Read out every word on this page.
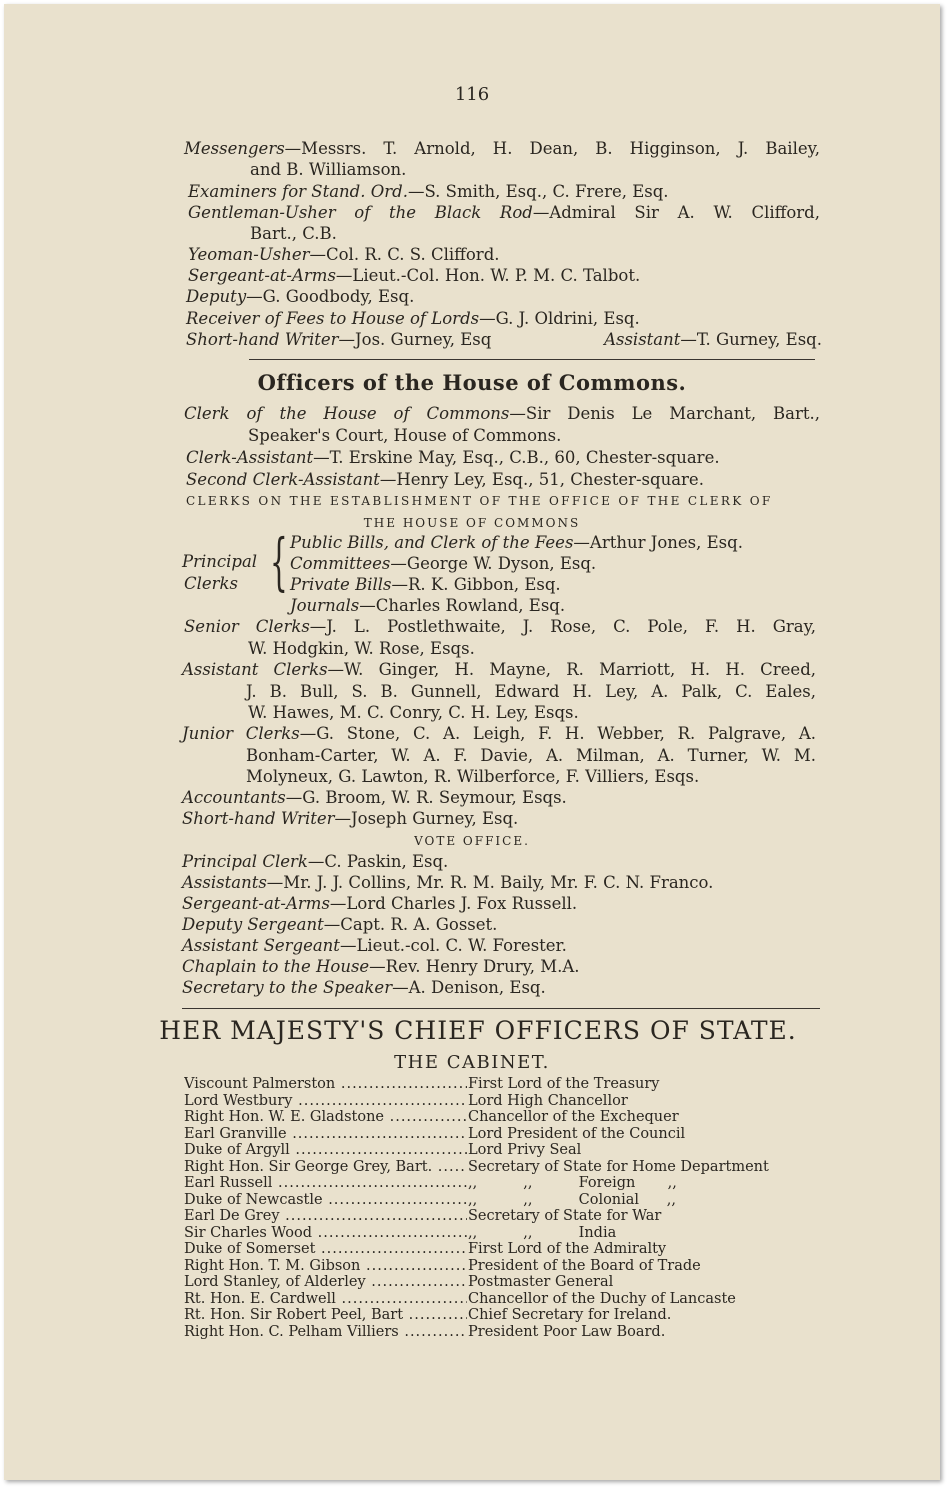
116
Messengers—Messrs. T. Arnold, H. Dean, B. Higginson, J. Bailey,
and B. Williamson.
Examiners for Stand. Ord.—S. Smith, Esq., C. Frere, Esq.
Gentleman-Usher of the Black Rod—Admiral Sir A. W. Clifford,
Bart., C.B.
Yeoman-Usher—Col. R. C. S. Clifford.
Sergeant-at-Arms—Lieut.-Col. Hon. W. P. M. C. Talbot.
Deputy—G. Goodbody, Esq.
Receiver of Fees to House of Lords—G. J. Oldrini, Esq.
Short-hand Writer—Jos. Gurney, Esq	Assistant—T. Gurney, Esq.
Officers of the House of Commons.
Clerk of the House of Commons—Sir Denis Le Marchant, Bart.,
Speaker's Court, House of Commons.
Clerk-Assistant—T. Erskine May, Esq., C.B., 60, Chester-square.
Second Clerk-Assistant—Henry Ley, Esq., 51, Chester-square.
CLERKS ON THE ESTABLISHMENT OF THE OFFICE OF THE CLERK OF
THE HOUSE OF COMMONS
Principal
Clerks { Public Bills, and Clerk of the Fees—Arthur Jones, Esq.
Committees—George W. Dyson, Esq.
Private Bills—R. K. Gibbon, Esq.
Journals—Charles Rowland, Esq.
Senior Clerks—J. L. Postlethwaite, J. Rose, C. Pole, F. H. Gray,
W. Hodgkin, W. Rose, Esqs.
Assistant Clerks—W. Ginger, H. Mayne, R. Marriott, H. H. Creed,
J. B. Bull, S. B. Gunnell, Edward H. Ley, A. Palk, C. Eales,
W. Hawes, M. C. Conry, C. H. Ley, Esqs.
Junior Clerks—G. Stone, C. A. Leigh, F. H. Webber, R. Palgrave, A.
Bonham-Carter, W. A. F. Davie, A. Milman, A. Turner, W. M.
Molyneux, G. Lawton, R. Wilberforce, F. Villiers, Esqs.
Accountants—G. Broom, W. R. Seymour, Esqs.
Short-hand Writer—Joseph Gurney, Esq.
VOTE OFFICE.
Principal Clerk—C. Paskin, Esq.
Assistants—Mr. J. J. Collins, Mr. R. M. Baily, Mr. F. C. N. Franco.
Sergeant-at-Arms—Lord Charles J. Fox Russell.
Deputy Sergeant—Capt. R. A. Gosset.
Assistant Sergeant—Lieut.-col. C. W. Forester.
Chaplain to the House—Rev. Henry Drury, M.A.
Secretary to the Speaker—A. Denison, Esq.
HER MAJESTY'S CHIEF OFFICERS OF STATE.
THE CABINET.
Viscount Palmerston .....	First Lord of the Treasury
Lord Westbury .....	Lord High Chancellor
Right Hon. W. E. Gladstone .....	Chancellor of the Exchequer
Earl Granville .....	Lord President of the Council
Duke of Argyll .....	Lord Privy Seal
Right Hon. Sir George Grey, Bart. .....	Secretary of State for Home Department
Earl Russell .....	,,          ,,          Foreign       ,,
Duke of Newcastle .....	,,          ,,          Colonial      ,,
Earl De Grey .....	Secretary of State for War
Sir Charles Wood .....	,,          ,,          India
Duke of Somerset .....	First Lord of the Admiralty
Right Hon. T. M. Gibson .....	President of the Board of Trade
Lord Stanley, of Alderley .....	Postmaster General
Rt. Hon. E. Cardwell .....	Chancellor of the Duchy of Lancaste
Rt. Hon. Sir Robert Peel, Bart .....	Chief Secretary for Ireland.
Right Hon. C. Pelham Villiers .....	President Poor Law Board.
